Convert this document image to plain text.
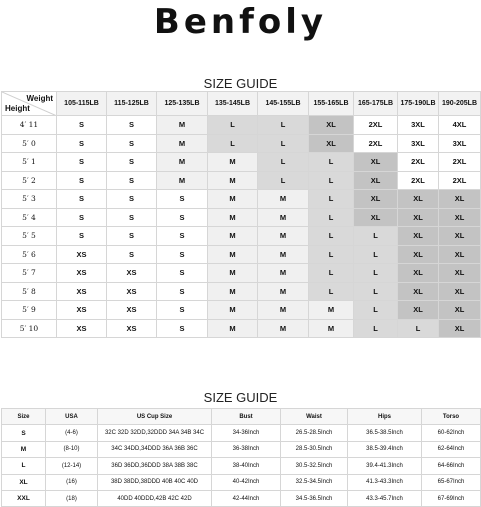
Benfoly
SIZE GUIDE
Weight
Height	105-115LB	115-125LB	125-135LB	135-145LB	145-155LB	155-165LB	165-175LB	175-190LB	190-205LB
4′ 11	S	S	M	L	L	XL	2XL	3XL	4XL
5′ 0	S	S	M	L	L	XL	2XL	3XL	3XL
5′ 1	S	S	M	M	L	L	XL	2XL	2XL
5′ 2	S	S	M	M	L	L	XL	2XL	2XL
5′ 3	S	S	S	M	M	L	XL	XL	XL
5′ 4	S	S	S	M	M	L	XL	XL	XL
5′ 5	S	S	S	M	M	L	L	XL	XL
5′ 6	XS	S	S	M	M	L	L	XL	XL
5′ 7	XS	XS	S	M	M	L	L	XL	XL
5′ 8	XS	XS	S	M	M	L	L	XL	XL
5′ 9	XS	XS	S	M	M	M	L	XL	XL
5′ 10	XS	XS	S	M	M	M	L	L	XL
SIZE GUIDE
Size	USA	US Cup Size	Bust	Waist	Hips	Torso
S	(4-6)	32C 32D 32DD,32DDD 34A 34B 34C	34-36Inch	26.5-28.5Inch	36.5-38.5Inch	60-62Inch
M	(8-10)	34C 34DD,34DDD 36A 36B 36C	36-38Inch	28.5-30.5Inch	38.5-39.4Inch	62-64Inch
L	(12-14)	36D 36DD,36DDD 38A 38B 38C	38-40Inch	30.5-32.5Inch	39.4-41.3Inch	64-66Inch
XL	(16)	38D 38DD,38DDD 40B 40C 40D	40-42Inch	32.5-34.5Inch	41.3-43.3Inch	65-67Inch
XXL	(18)	40DD 40DDD,42B 42C 42D	42-44Inch	34.5-36.5Inch	43.3-45.7Inch	67-69Inch
